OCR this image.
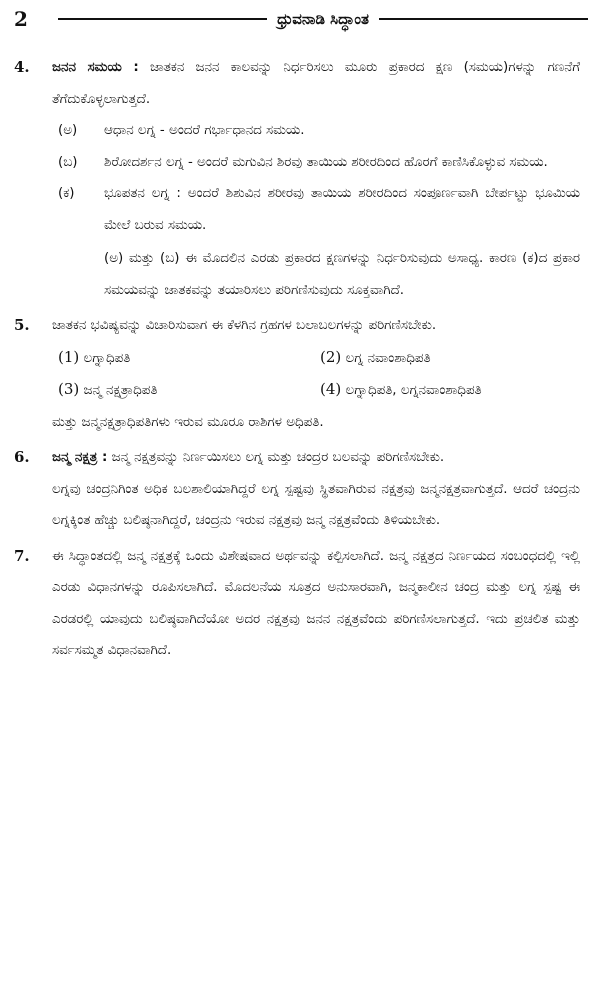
2	ಧ್ರುವನಾಡಿ ಸಿದ್ಧಾಂತ
4. ಜನನ ಸಮಯ : ಜಾತಕನ ಜನನ ಕಾಲವನ್ನು ನಿರ್ಧರಿಸಲು ಮೂರು ಪ್ರಕಾರದ ಕ್ಷಣ (ಸಮಯ)ಗಳನ್ನು ಗಣನೆಗೆ ತೆಗೆದುಕೊಳ್ಳಲಾಗುತ್ತದೆ.

(ಅ) ಆಧಾನ ಲಗ್ನ - ಅಂದರೆ ಗರ್ಭಾಧಾನದ ಸಮಯ.

(ಬ) ಶಿರೋದರ್ಶನ ಲಗ್ನ - ಅಂದರೆ ಮಗುವಿನ ಶಿರವು ತಾಯಿಯ ಶರೀರದಿಂದ ಹೊರಗೆ ಕಾಣಿಸಿಕೊಳ್ಳುವ ಸಮಯ.

(ಕ) ಭೂಪತನ ಲಗ್ನ : ಅಂದರೆ ಶಿಶುವಿನ ಶರೀರವು ತಾಯಿಯ ಶರೀರದಿಂದ ಸಂಪೂರ್ಣವಾಗಿ ಬೇರ್ಪಟ್ಟು ಭೂಮಿಯ ಮೇಲೆ ಬರುವ ಸಮಯ.

(ಅ) ಮತ್ತು (ಬ) ಈ ಮೊದಲಿನ ಎರಡು ಪ್ರಕಾರದ ಕ್ಷಣಗಳನ್ನು ನಿರ್ಧರಿಸುವುದು ಅಸಾಧ್ಯ. ಕಾರಣ (ಕ)ದ ಪ್ರಕಾರ ಸಮಯವನ್ನು ಜಾತಕವನ್ನು ತಯಾರಿಸಲು ಪರಿಗಣಿಸುವುದು ಸೂಕ್ತವಾಗಿದೆ.

5. ಜಾತಕನ ಭವಿಷ್ಯವನ್ನು ವಿಚಾರಿಸುವಾಗ ಈ ಕೆಳಗಿನ ಗ್ರಹಗಳ ಬಲಾಬಲಗಳನ್ನು ಪರಿಗಣಿಸಬೇಕು.

(1) ಲಗ್ನಾಧಿಪತಿ	(2) ಲಗ್ನ ನವಾಂಶಾಧಿಪತಿ
(3) ಜನ್ಮ ನಕ್ಷತ್ರಾಧಿಪತಿ	(4) ಲಗ್ನಾಧಿಪತಿ, ಲಗ್ನನವಾಂಶಾಧಿಪತಿ

ಮತ್ತು ಜನ್ಮನಕ್ಷತ್ರಾಧಿಪತಿಗಳು ಇರುವ ಮೂರೂ ರಾಶಿಗಳ ಅಧಿಪತಿ.

6. ಜನ್ಮ ನಕ್ಷತ್ರ : ಜನ್ಮ ನಕ್ಷತ್ರವನ್ನು ನಿರ್ಣಯಿಸಲು ಲಗ್ನ ಮತ್ತು ಚಂದ್ರರ ಬಲವನ್ನು ಪರಿಗಣಿಸಬೇಕು.

ಲಗ್ನವು ಚಂದ್ರನಿಗಿಂತ ಅಧಿಕ ಬಲಶಾಲಿಯಾಗಿದ್ದರೆ ಲಗ್ನ ಸ್ಪಷ್ಟವು ಸ್ಥಿತವಾಗಿರುವ ನಕ್ಷತ್ರವು ಜನ್ಮನಕ್ಷತ್ರವಾಗುತ್ತದೆ. ಆದರೆ ಚಂದ್ರನು ಲಗ್ನಕ್ಕಿಂತ ಹೆಚ್ಚು ಬಲಿಷ್ಠನಾಗಿದ್ದರೆ, ಚಂದ್ರನು ಇರುವ ನಕ್ಷತ್ರವು ಜನ್ಮ ನಕ್ಷತ್ರವೆಂದು ತಿಳಿಯಬೇಕು.

7. ಈ ಸಿದ್ಧಾಂತದಲ್ಲಿ ಜನ್ಮ ನಕ್ಷತ್ರಕ್ಕೆ ಒಂದು ವಿಶೇಷವಾದ ಅರ್ಥವನ್ನು ಕಲ್ಪಿಸಲಾಗಿದೆ. ಜನ್ಮ ನಕ್ಷತ್ರದ ನಿರ್ಣಯದ ಸಂಬಂಧದಲ್ಲಿ ಇಲ್ಲಿ ಎರಡು ವಿಧಾನಗಳನ್ನು ರೂಪಿಸಲಾಗಿದೆ. ಮೊದಲನೆಯ ಸೂತ್ರದ ಅನುಸಾರವಾಗಿ, ಜನ್ಮಕಾಲೀನ ಚಂದ್ರ ಮತ್ತು ಲಗ್ನ ಸ್ಪಷ್ಟ ಈ ಎರಡರಲ್ಲಿ ಯಾವುದು ಬಲಿಷ್ಠವಾಗಿದೆಯೋ ಅದರ ನಕ್ಷತ್ರವು ಜನನ ನಕ್ಷತ್ರವೆಂದು ಪರಿಗಣಿಸಲಾಗುತ್ತದೆ. ಇದು ಪ್ರಚಲಿತ ಮತ್ತು ಸರ್ವಸಮ್ಮತ ವಿಧಾನವಾಗಿದೆ.
